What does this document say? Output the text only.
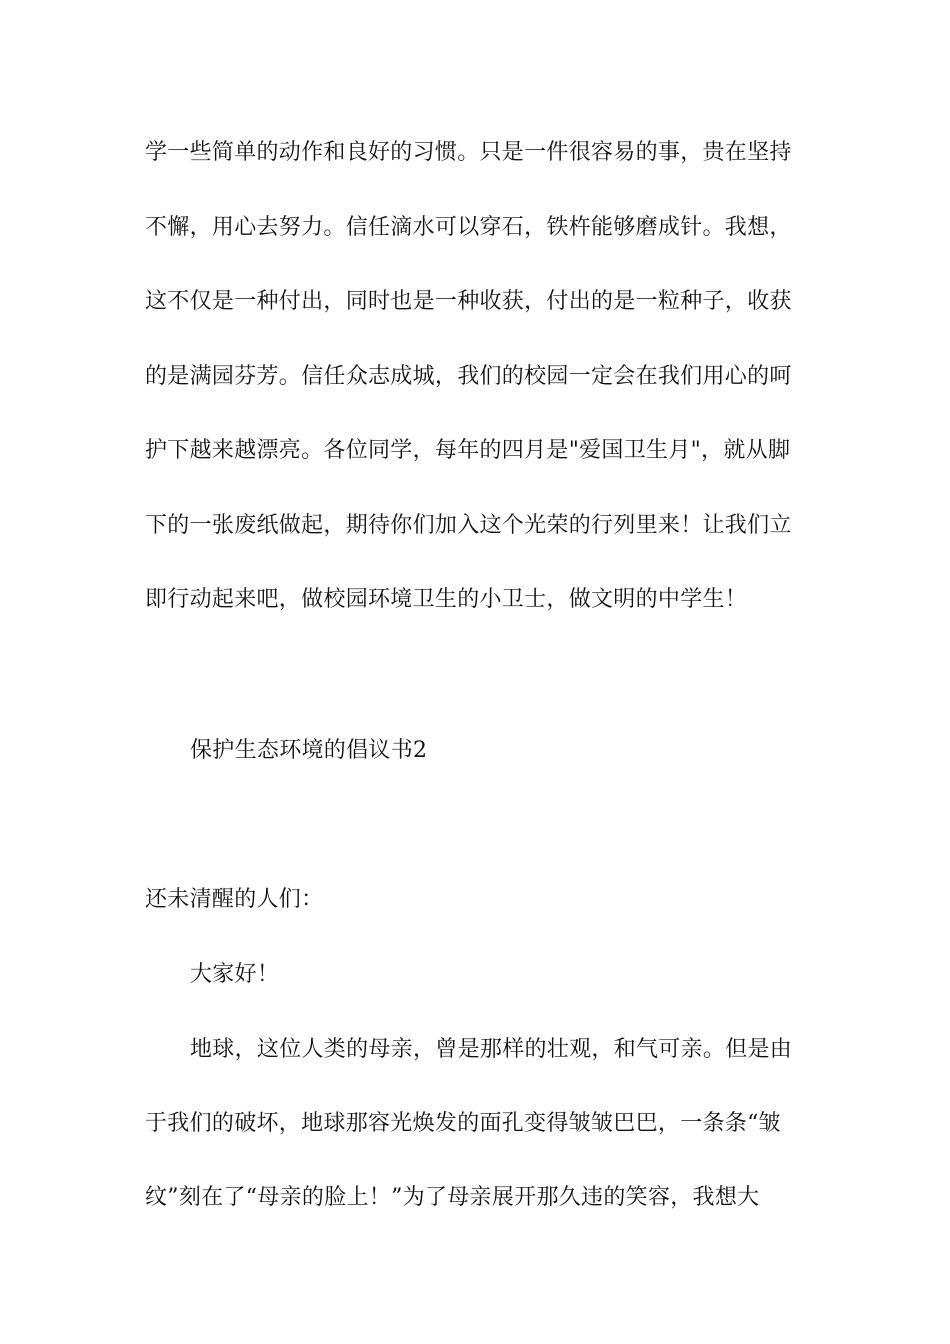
学一些简单的动作和良好的习惯。只是一件很容易的事，贵在坚持
不懈，用心去努力。信任滴水可以穿石，铁杵能够磨成针。我想，
这不仅是一种付出，同时也是一种收获，付出的是一粒种子，收获
的是满园芬芳。信任众志成城，我们的校园一定会在我们用心的呵
护下越来越漂亮。各位同学，每年的四月是"爱国卫生月"，就从脚
下的一张废纸做起，期待你们加入这个光荣的行列里来！让我们立
即行动起来吧，做校园环境卫生的小卫士，做文明的中学生！
保护生态环境的倡议书2
还未清醒的人们：
大家好！
地球，这位人类的母亲，曾是那样的壮观，和气可亲。但是由
于我们的破坏，地球那容光焕发的面孔变得皱皱巴巴，一条条“皱
纹”刻在了“母亲的脸上！”为了母亲展开那久违的笑容，我想大
